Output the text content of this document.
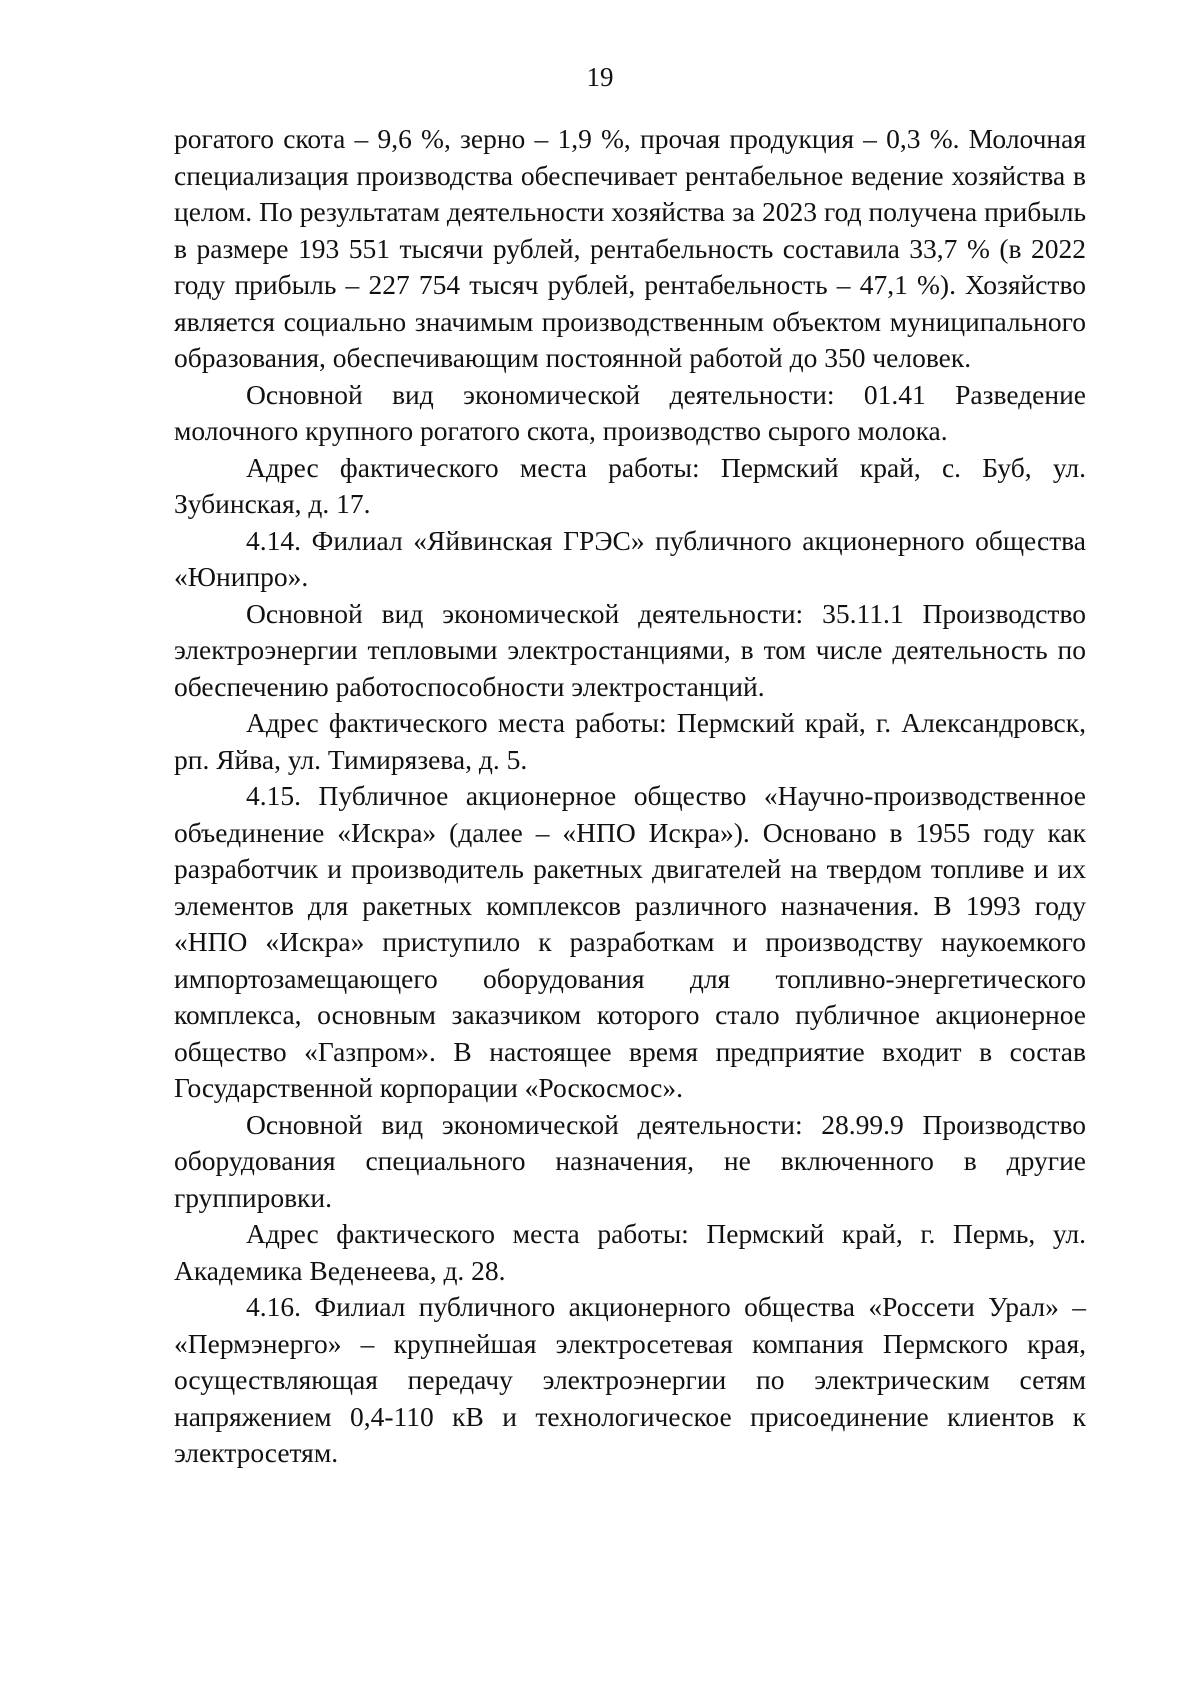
19

рогатого скота – 9,6 %, зерно – 1,9 %, прочая продукция – 0,3 %. Молочная специализация производства обеспечивает рентабельное ведение хозяйства в целом. По результатам деятельности хозяйства за 2023 год получена прибыль в размере 193 551 тысячи рублей, рентабельность составила 33,7 % (в 2022 году прибыль – 227 754 тысяч рублей, рентабельность – 47,1 %). Хозяйство является социально значимым производственным объектом муниципального образования, обеспечивающим постоянной работой до 350 человек.

Основной вид экономической деятельности: 01.41 Разведение молочного крупного рогатого скота, производство сырого молока.

Адрес фактического места работы: Пермский край, с. Буб, ул. Зубинская, д. 17.

4.14. Филиал «Яйвинская ГРЭС» публичного акционерного общества «Юнипро».

Основной вид экономической деятельности: 35.11.1 Производство электроэнергии тепловыми электростанциями, в том числе деятельность по обеспечению работоспособности электростанций.

Адрес фактического места работы: Пермский край, г. Александровск, рп. Яйва, ул. Тимирязева, д. 5.

4.15. Публичное акционерное общество «Научно-производственное объединение «Искра» (далее – «НПО Искра»). Основано в 1955 году как разработчик и производитель ракетных двигателей на твердом топливе и их элементов для ракетных комплексов различного назначения. В 1993 году «НПО «Искра» приступило к разработкам и производству наукоемкого импортозамещающего оборудования для топливно-энергетического комплекса, основным заказчиком которого стало публичное акционерное общество «Газпром». В настоящее время предприятие входит в состав Государственной корпорации «Роскосмос».

Основной вид экономической деятельности: 28.99.9 Производство оборудования специального назначения, не включенного в другие группировки.

Адрес фактического места работы: Пермский край, г. Пермь, ул. Академика Веденеева, д. 28.

4.16. Филиал публичного акционерного общества «Россети Урал» – «Пермэнерго» – крупнейшая электросетевая компания Пермского края, осуществляющая передачу электроэнергии по электрическим сетям напряжением 0,4-110 кВ и технологическое присоединение клиентов к электросетям.
